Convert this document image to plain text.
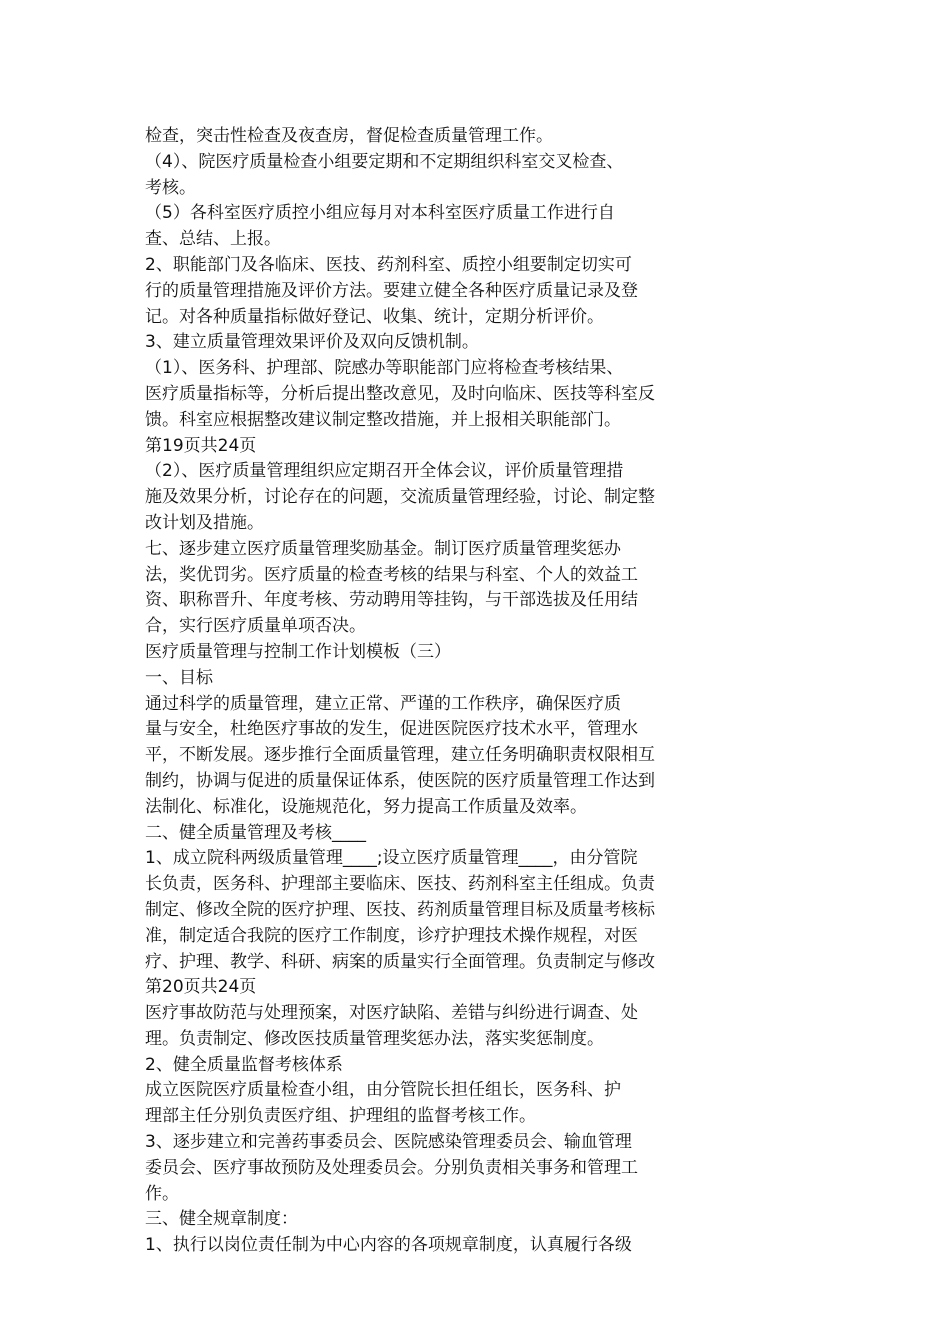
检查，突击性检查及夜查房，督促检查质量管理工作。
（4）、院医疗质量检查小组要定期和不定期组织科室交叉检查、
考核。
（5）各科室医疗质控小组应每月对本科室医疗质量工作进行自
查、总结、上报。
2、职能部门及各临床、医技、药剂科室、质控小组要制定切实可
行的质量管理措施及评价方法。要建立健全各种医疗质量记录及登
记。对各种质量指标做好登记、收集、统计，定期分析评价。
3、建立质量管理效果评价及双向反馈机制。
（1）、医务科、护理部、院感办等职能部门应将检查考核结果、
医疗质量指标等，分析后提出整改意见，及时向临床、医技等科室反
馈。科室应根据整改建议制定整改措施，并上报相关职能部门。
第19页共24页
（2）、医疗质量管理组织应定期召开全体会议，评价质量管理措
施及效果分析，讨论存在的问题，交流质量管理经验，讨论、制定整
改计划及措施。
七、逐步建立医疗质量管理奖励基金。制订医疗质量管理奖惩办
法，奖优罚劣。医疗质量的检查考核的结果与科室、个人的效益工
资、职称晋升、年度考核、劳动聘用等挂钩，与干部选拔及任用结
合，实行医疗质量单项否决。
医疗质量管理与控制工作计划模板（三）
一、目标
通过科学的质量管理，建立正常、严谨的工作秩序，确保医疗质
量与安全，杜绝医疗事故的发生，促进医院医疗技术水平，管理水
平，不断发展。逐步推行全面质量管理，建立任务明确职责权限相互
制约，协调与促进的质量保证体系，使医院的医疗质量管理工作达到
法制化、标准化，设施规范化，努力提高工作质量及效率。
二、健全质量管理及考核____
1、成立院科两级质量管理____;设立医疗质量管理____，由分管院
长负责，医务科、护理部主要临床、医技、药剂科室主任组成。负责
制定、修改全院的医疗护理、医技、药剂质量管理目标及质量考核标
准，制定适合我院的医疗工作制度，诊疗护理技术操作规程，对医
疗、护理、教学、科研、病案的质量实行全面管理。负责制定与修改
第20页共24页
医疗事故防范与处理预案，对医疗缺陷、差错与纠纷进行调查、处
理。负责制定、修改医技质量管理奖惩办法，落实奖惩制度。
2、健全质量监督考核体系
成立医院医疗质量检查小组，由分管院长担任组长，医务科、护
理部主任分别负责医疗组、护理组的监督考核工作。
3、逐步建立和完善药事委员会、医院感染管理委员会、输血管理
委员会、医疗事故预防及处理委员会。分别负责相关事务和管理工
作。
三、健全规章制度：
1、执行以岗位责任制为中心内容的各项规章制度，认真履行各级
